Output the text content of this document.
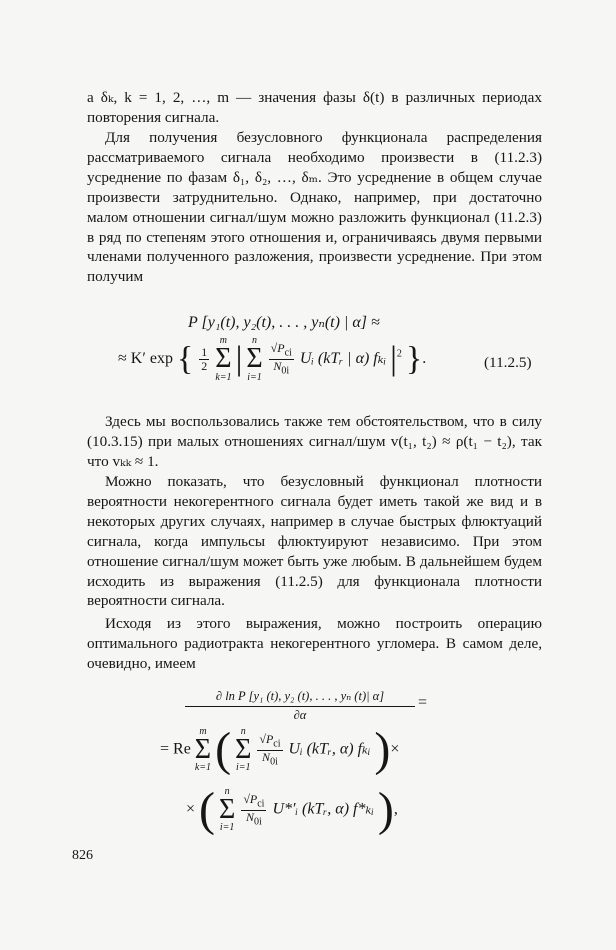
a δₖ, k = 1, 2, …, m — значения фазы δ(t) в различных периодах повторения сигнала.

Для получения безусловного функционала распределения рассматриваемого сигнала необходимо произвести в (11.2.3) усреднение по фазам δ₁, δ₂, …, δₘ. Это усреднение в общем случае произвести затруднительно. Однако, например, при достаточно малом отношении сигнал/шум можно разложить функционал (11.2.3) в ряд по степеням этого отношения и, ограничиваясь двумя первыми членами полученного разложения, произвести усреднение. При этом получим

P [y₁(t), y₂(t), . . . , yₙ(t) | α] ≈
≈ K′ exp { $\frac{1}{2}$

m
Σ
k=1 | n
Σ
i=1

$\frac{√P_{ci}}{N_{0i}}$ Uᵢ (kTᵣ | α) fₖᵢ $|^2$ }.	(11.2.5)

Здесь мы воспользовались также тем обстоятельством, что в силу (10.3.15) при малых отношениях сигнал/шум v(t₁, t₂) ≈ ρ(t₁ − t₂), так что vₖₖ ≈ 1.

Можно показать, что безусловный функционал плотности вероятности некогерентного сигнала будет иметь такой же вид и в некоторых других случаях, например в случае быстрых флюктуаций сигнала, когда импульсы флюктуируют независимо. При этом отношение сигнал/шум может быть уже любым. В дальнейшем будем исходить из выражения (11.2.5) для функционала плотности вероятности сигнала.

Исходя из этого выражения, можно построить операцию оптимального радиотракта некогерентного угломера. В самом деле, очевидно, имеем

$\frac{\text{∂ ln P [y₁ (t), y₂ (t), . . . , yₙ (t)| α]}}{\partial\alpha}$ =
= Re
m
Σ
k=1 ( n
Σ
i=1

$\frac{√P_{ci}}{N_{0i}}$ Uᵢ (kTᵣ, α) fₖᵢ )×
× ( n
Σ
i=1

$\frac{√P_{ci}}{N_{0i}}$ U*′ᵢ (kTᵣ, α) f*ₖᵢ ),
826
